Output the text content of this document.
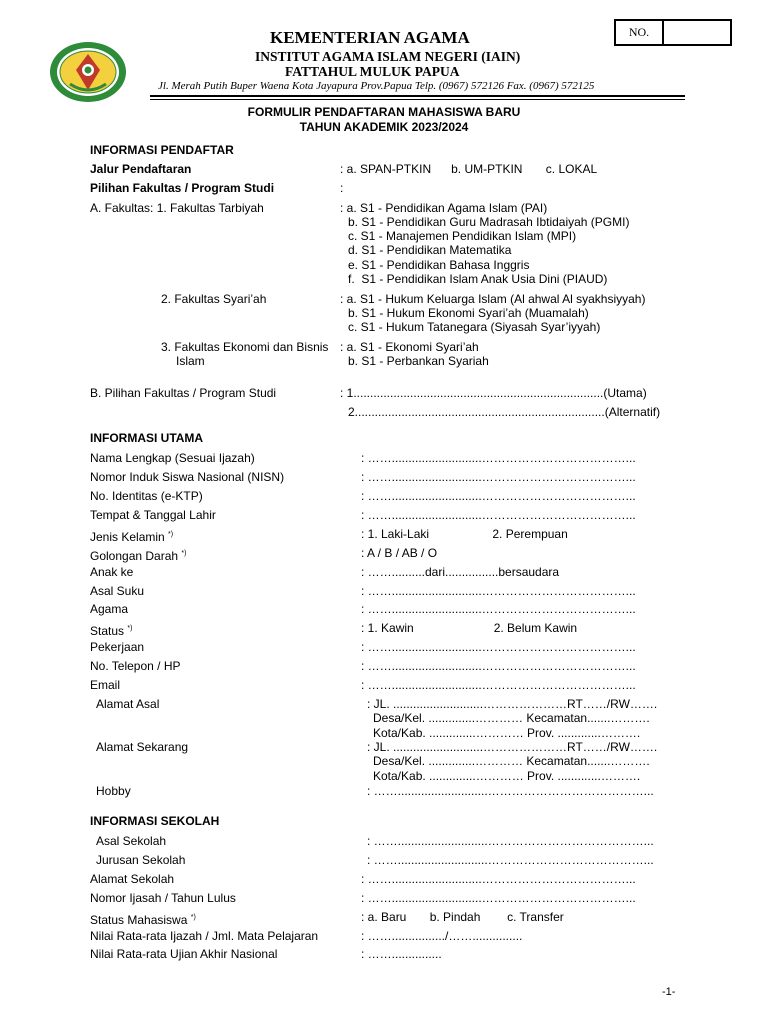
KEMENTERIAN AGAMA
INSTITUT AGAMA ISLAM NEGERI (IAIN)
FATTAHUL MULUK PAPUA
Jl. Merah Putih Buper Waena Kota Jayapura Prov.Papua Telp. (0967) 572126 Fax. (0967) 572125
NO.
FORMULIR PENDAFTARAN MAHASISWA BARU
TAHUN AKADEMIK 2023/2024
INFORMASI PENDAFTAR
Jalur Pendaftaran	: a. SPAN-PTKIN      b. UM-PTKIN       c. LOKAL
Pilihan Fakultas / Program Studi	:
A. Fakultas: 1. Fakultas Tarbiyah	: a. S1 - Pendidikan Agama Islam (PAI)
b. S1 - Pendidikan Guru Madrasah Ibtidaiyah (PGMI)
c. S1 - Manajemen Pendidikan Islam (MPI)
d. S1 - Pendidikan Matematika
e. S1 - Pendidikan Bahasa Inggris
f.  S1 - Pendidikan Islam Anak Usia Dini (PIAUD)
2. Fakultas Syari’ah	: a. S1 - Hukum Keluarga Islam (Al ahwal Al syakhsiyyah)
b. S1 - Hukum Ekonomi Syari’ah (Muamalah)
c. S1 - Hukum Tatanegara (Siyasah Syar’iyyah)
3. Fakultas Ekonomi dan Bisnis
Islam
: a. S1 - Ekonomi Syari’ah
b. S1 - Perbankan Syariah
B. Pilihan Fakultas / Program Studi	: 1...........................................................................(Utama)
2...........................................................................(Alternatif)
INFORMASI UTAMA
Nama Lengkap (Sesuai Ijazah)	: ……...........................………………………………...
Nomor Induk Siswa Nasional (NISN)	: ……...........................………………………………...
No. Identitas (e-KTP)	: ……...........................………………………………...
Tempat & Tanggal Lahir	: ……...........................………………………………...
Jenis Kelamin *)	: 1. Laki-Laki                   2. Perempuan
Golongan Darah *)	: A / B / AB / O
Anak ke	: ……..........dari................bersaudara
Asal Suku	: ……...........................………………………………...
Agama	: ……...........................………………………………...
Status *)	: 1. Kawin                        2. Belum Kawin
Pekerjaan	: ……...........................………………………………...
No. Telepon / HP	: ……...........................………………………………...
Email	: ……...........................………………………………...
Alamat Asal	: JL. ...........................…………………RT……/RW…….
Desa/Kel. ..............………… Kecamatan.......……….
Kota/Kab. ..............………… Prov. .............……….
Alamat Sekarang	: JL. ...........................…………………RT……/RW…….
Desa/Kel. ..............………… Kecamatan.......……….
Kota/Kab. ..............………… Prov. .............……….
Hobby	: ……...........................…………………………………...
INFORMASI SEKOLAH
Asal Sekolah	: ……...........................…………………………………...
Jurusan Sekolah	: ……...........................…………………………………...
Alamat Sekolah	: ……...........................………………………………...
Nomor Ijasah / Tahun Lulus	: ……...........................………………………………...
Status Mahasiswa *)	: a. Baru       b. Pindah        c. Transfer
Nilai Rata-rata Ijazah / Jml. Mata Pelajaran	: ……................/……...............
Nilai Rata-rata Ujian Akhir Nasional	: ……...............
-1-
